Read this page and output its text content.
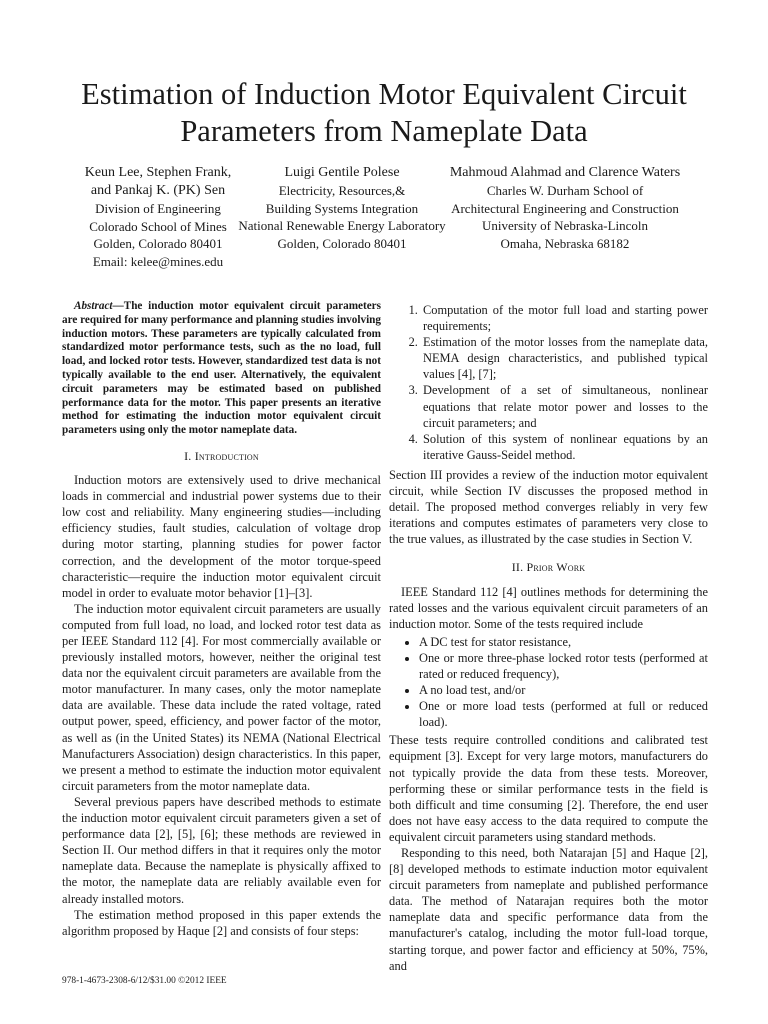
Estimation of Induction Motor Equivalent Circuit
Parameters from Nameplate Data
Keun Lee, Stephen Frank,
and Pankaj K. (PK) Sen
Division of Engineering
Colorado School of Mines
Golden, Colorado 80401
Email: kelee@mines.edu
Luigi Gentile Polese
Electricity, Resources,&
Building Systems Integration
National Renewable Energy Laboratory
Golden, Colorado 80401
Mahmoud Alahmad and Clarence Waters
Charles W. Durham School of
Architectural Engineering and Construction
University of Nebraska-Lincoln
Omaha, Nebraska 68182
Abstract—The induction motor equivalent circuit parameters are required for many performance and planning studies involving induction motors. These parameters are typically calculated from standardized motor performance tests, such as the no load, full load, and locked rotor tests. However, standardized test data is not typically available to the end user. Alternatively, the equivalent circuit parameters may be estimated based on published performance data for the motor. This paper presents an iterative method for estimating the induction motor equivalent circuit parameters using only the motor nameplate data.
I. Introduction

Induction motors are extensively used to drive mechanical loads in commercial and industrial power systems due to their low cost and reliability. Many engineering studies—including efficiency studies, fault studies, calculation of voltage drop during motor starting, planning studies for power factor correction, and the development of the motor torque-speed characteristic—require the induction motor equivalent circuit model in order to evaluate motor behavior [1]–[3].

The induction motor equivalent circuit parameters are usually computed from full load, no load, and locked rotor test data as per IEEE Standard 112 [4]. For most commercially available or previously installed motors, however, neither the original test data nor the equivalent circuit parameters are available from the motor manufacturer. In many cases, only the motor nameplate data are available. These data include the rated voltage, rated output power, speed, efficiency, and power factor of the motor, as well as (in the United States) its NEMA (National Electrical Manufacturers Association) design characteristics. In this paper, we present a method to estimate the induction motor equivalent circuit parameters from the motor nameplate data.

Several previous papers have described methods to estimate the induction motor equivalent circuit parameters given a set of performance data [2], [5], [6]; these methods are reviewed in Section II. Our method differs in that it requires only the motor nameplate data. Because the nameplate is physically affixed to the motor, the nameplate data are reliably available even for already installed motors.

The estimation method proposed in this paper extends the algorithm proposed by Haque [2] and consists of four steps:

1. Computation of the motor full load and starting power requirements;
2. Estimation of the motor losses from the nameplate data, NEMA design characteristics, and published typical values [4], [7];
3. Development of a set of simultaneous, nonlinear equations that relate motor power and losses to the circuit parameters; and
4. Solution of this system of nonlinear equations by an iterative Gauss-Seidel method.

Section III provides a review of the induction motor equivalent circuit, while Section IV discusses the proposed method in detail. The proposed method converges reliably in very few iterations and computes estimates of parameters very close to the true values, as illustrated by the case studies in Section V.

II. Prior Work

IEEE Standard 112 [4] outlines methods for determining the rated losses and the various equivalent circuit parameters of an induction motor. Some of the tests required include

• A DC test for stator resistance,
• One or more three-phase locked rotor tests (performed at rated or reduced frequency),
• A no load test, and/or
• One or more load tests (performed at full or reduced load).

These tests require controlled conditions and calibrated test equipment [3]. Except for very large motors, manufacturers do not typically provide the data from these tests. Moreover, performing these or similar performance tests in the field is both difficult and time consuming [2]. Therefore, the end user does not have easy access to the data required to compute the equivalent circuit parameters using standard methods.

Responding to this need, both Natarajan [5] and Haque [2], [8] developed methods to estimate induction motor equivalent circuit parameters from nameplate and published performance data. The method of Natarajan requires both the motor nameplate data and specific performance data from the manufacturer's catalog, including the motor full-load torque, starting torque, and power factor and efficiency at 50%, 75%, and

978-1-4673-2308-6/12/$31.00 ©2012 IEEE
